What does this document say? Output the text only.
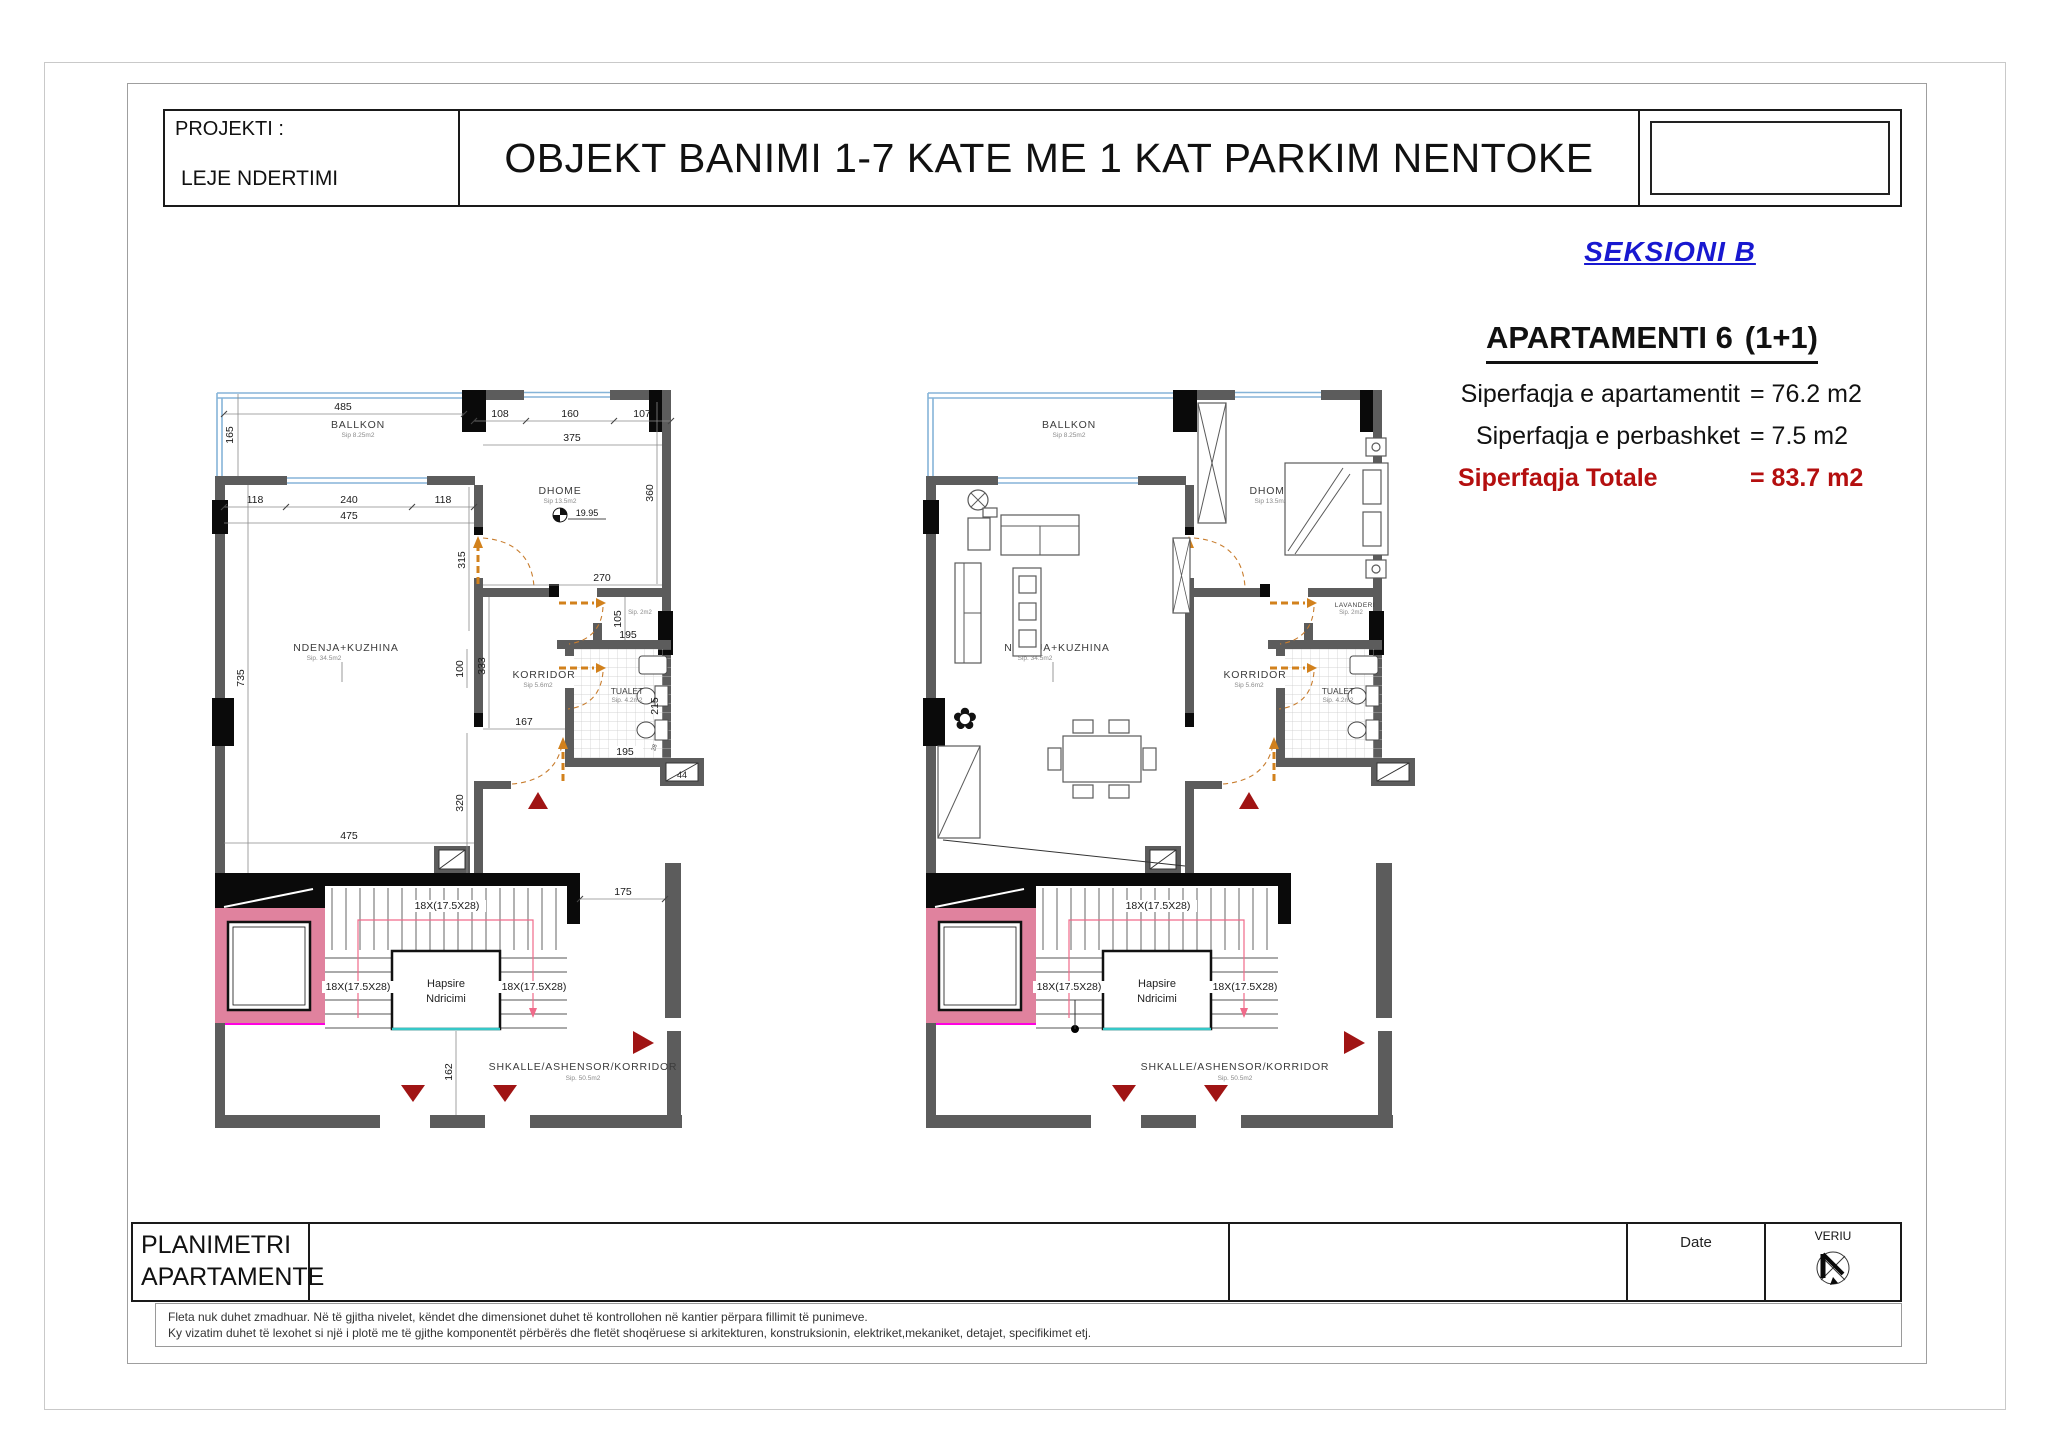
PROJEKTI :
LEJE NDERTIMI	OBJEKT BANIMI 1-7 KATE ME 1 KAT PARKIM NENTOKE
SEKSIONI B
APARTAMENTI 6 (1+1)
Siperfaqja e apartamentit = 76.2 m2
Siperfaqja e perbashket = 7.5 m2
Siperfaqja Totale	= 83.7 m2
18X(17.5X28)
18X(17.5X28)	18X(17.5X28)
Hapsire
Ndricimi
BALLKON
Sip 8.25m2
DHOME
Sip 13.5m2
NDENJA+KUZHINA
Sip. 34.5m2
KORRIDOR
Sip 5.6m2
TUALET
Sip. 4.2m2
Sip. 2m2
485
165
108	160	107
375
360
118	240	118
475
315
270
105
195
100 333
167
215
195
320
475
735
175
162
44
28
19.95
SHKALLE/ASHENSOR/KORRIDOR
Sip. 50.5m2
✿
LAVANDERI
SHKALLE/ASHENSOR/KORRIDOR
Sip. 50.5m2
PLANIMETRI
APARTAMENTE
Date	VERIU
Fleta nuk duhet zmadhuar. Në të gjitha nivelet, këndet dhe dimensionet duhet të kontrollohen në kantier përpara fillimit të punimeve.
Ky vizatim duhet të lexohet si një i plotë me të gjithe komponentët përbërës dhe fletët shoqëruese si arkitekturen, konstruksionin, elektriket,mekaniket, detajet, specifikimet etj.
